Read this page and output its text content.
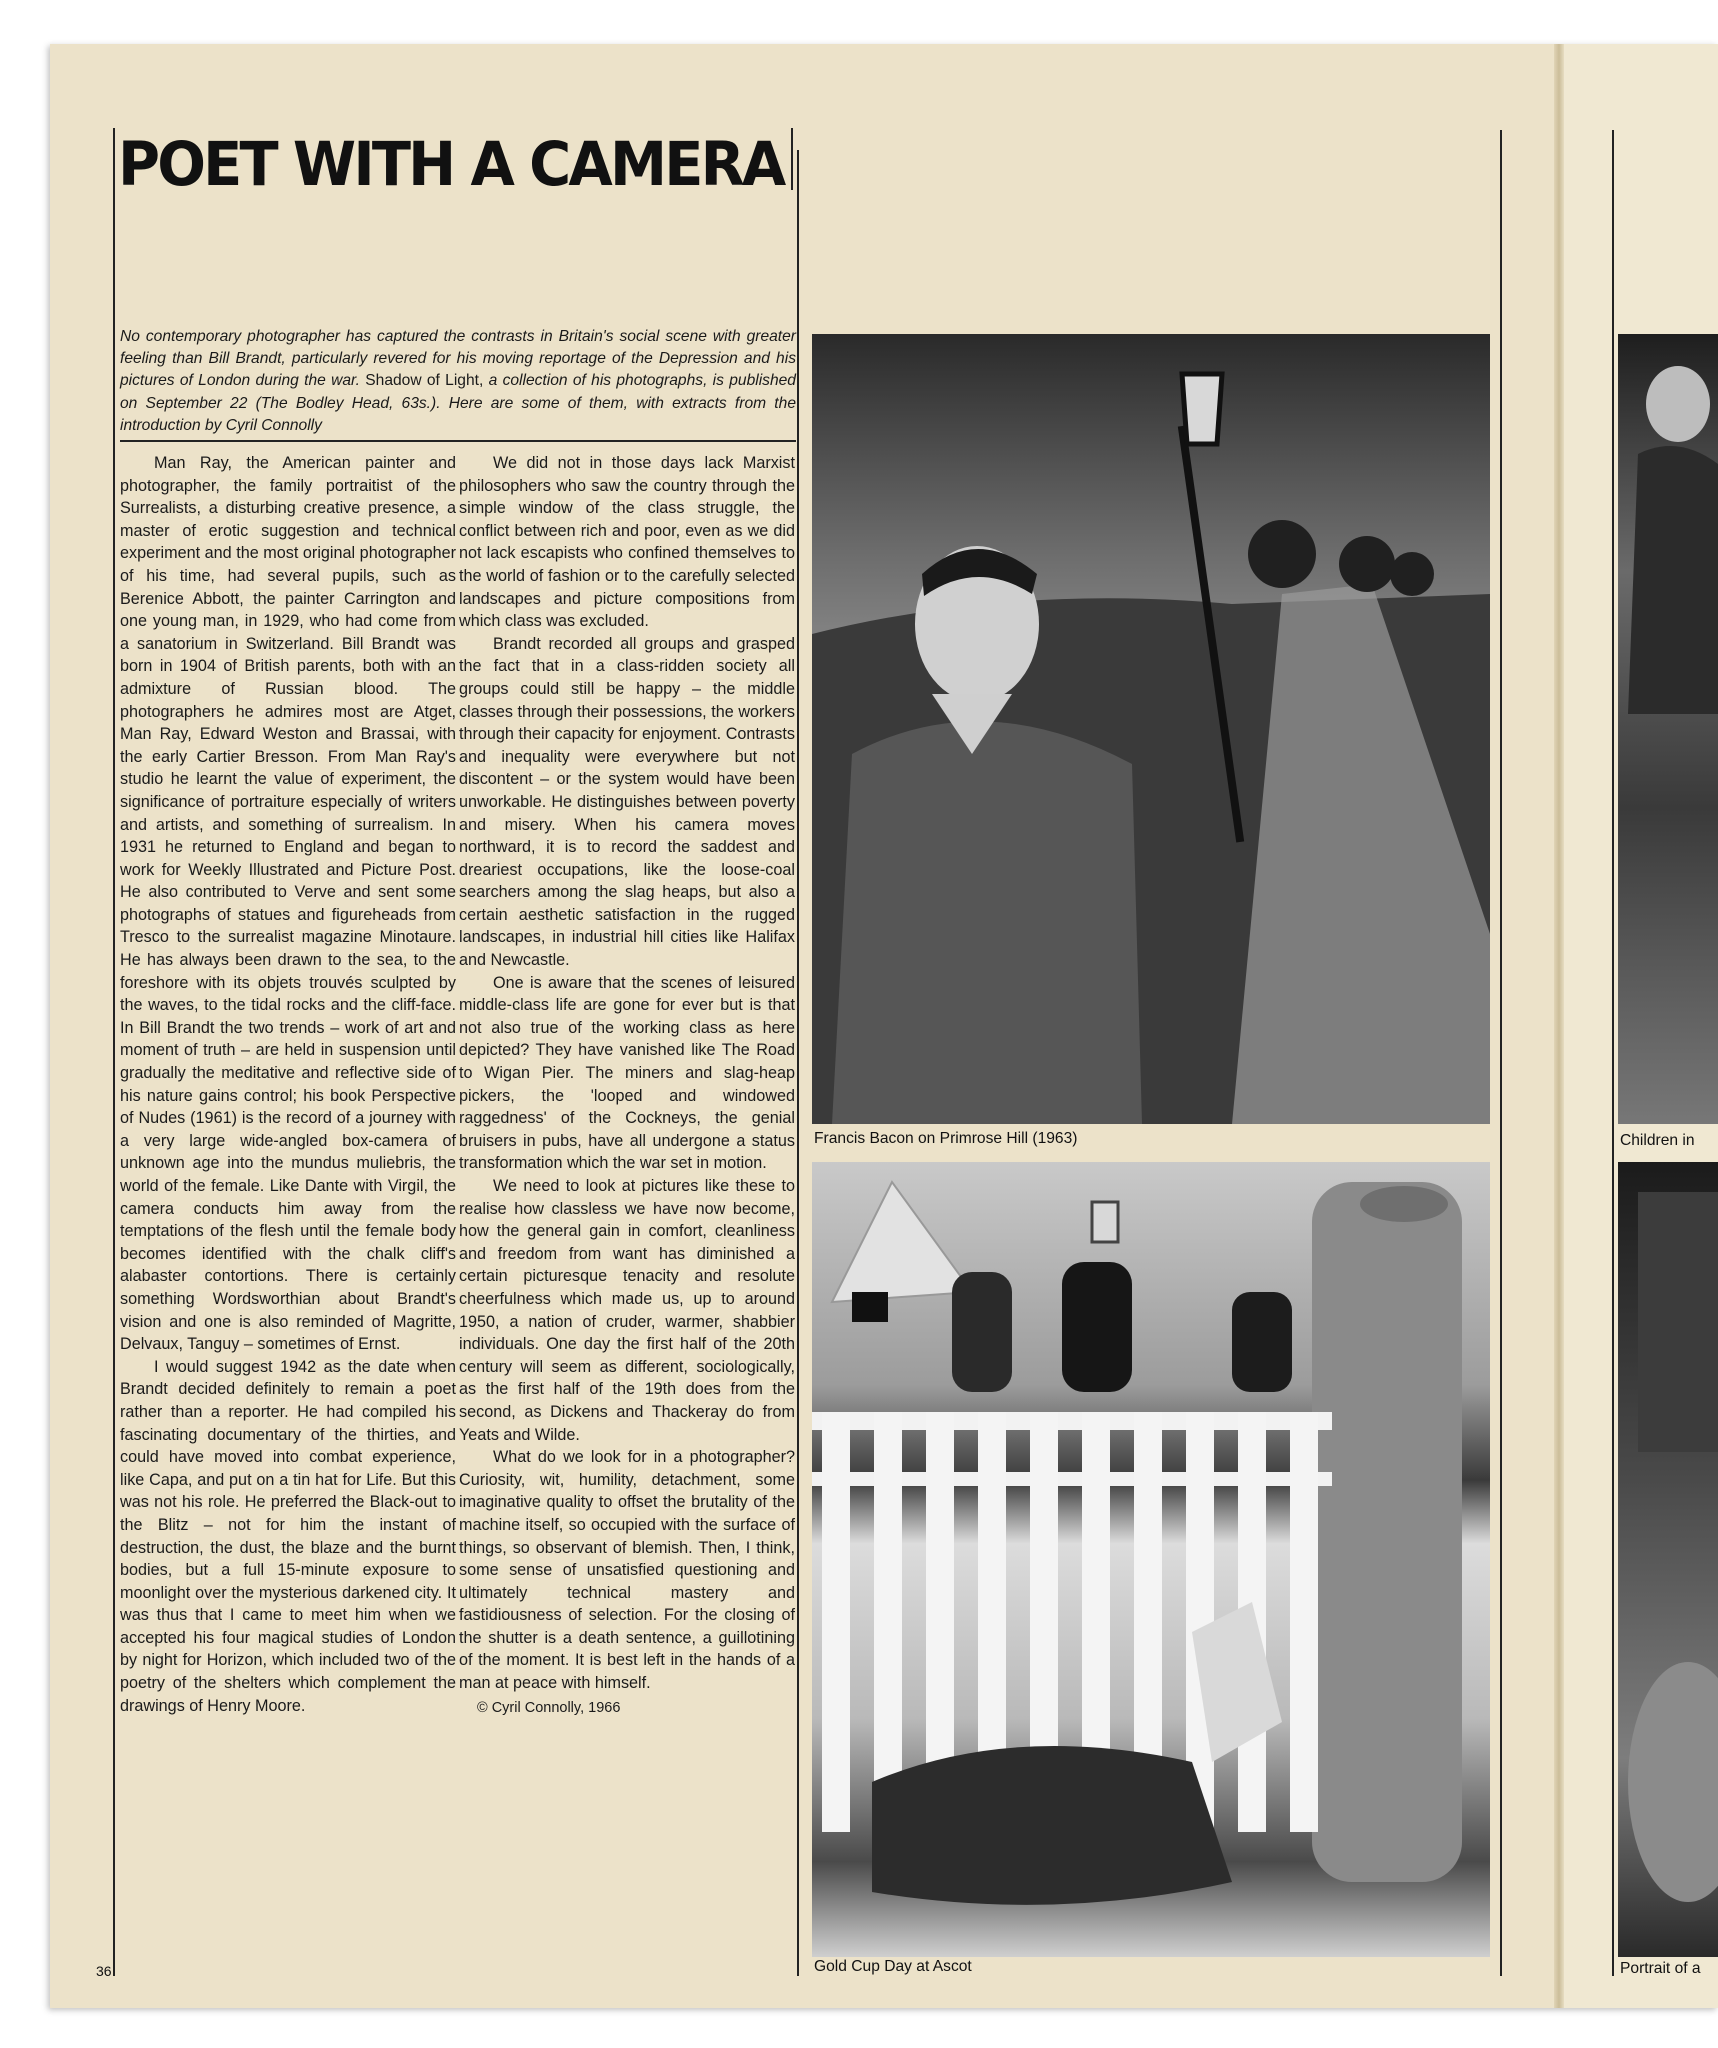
POET WITH A CAMERA
No contemporary photographer has captured the contrasts in Britain's social scene with greater feeling than Bill Brandt, particularly revered for his moving reportage of the Depression and his pictures of London during the war. Shadow of Light, a collection of his photographs, is published on September 22 (The Bodley Head, 63s.). Here are some of them, with extracts from the introduction by Cyril Connolly

Man Ray, the American painter and photographer, the family portraitist of the Surrealists, a disturbing creative presence, a master of erotic suggestion and technical experiment and the most original photographer of his time, had several pupils, such as Berenice Abbott, the painter Carrington and one young man, in 1929, who had come from a sanatorium in Switzerland. Bill Brandt was born in 1904 of British parents, both with an admixture of Russian blood. The photographers he admires most are Atget, Man Ray, Edward Weston and Brassai, with the early Cartier Bresson. From Man Ray's studio he learnt the value of experiment, the significance of portraiture especially of writers and artists, and something of surrealism. In 1931 he returned to England and began to work for Weekly Illustrated and Picture Post. He also contributed to Verve and sent some photographs of statues and figureheads from Tresco to the surrealist magazine Minotaure. He has always been drawn to the sea, to the foreshore with its objets trouvés sculpted by the waves, to the tidal rocks and the cliff-face. In Bill Brandt the two trends – work of art and moment of truth – are held in suspension until gradually the meditative and reflective side of his nature gains control; his book Perspective of Nudes (1961) is the record of a journey with a very large wide-angled box-camera of unknown age into the mundus muliebris, the world of the female. Like Dante with Virgil, the camera conducts him away from the temptations of the flesh until the female body becomes identified with the chalk cliff's alabaster contortions. There is certainly something Wordsworthian about Brandt's vision and one is also reminded of Magritte, Delvaux, Tanguy – sometimes of Ernst.

I would suggest 1942 as the date when Brandt decided definitely to remain a poet rather than a reporter. He had compiled his fascinating documentary of the thirties, and could have moved into combat experience, like Capa, and put on a tin hat for Life. But this was not his role. He preferred the Black-out to the Blitz – not for him the instant of destruction, the dust, the blaze and the burnt bodies, but a full 15-minute exposure to moonlight over the mysterious darkened city. It was thus that I came to meet him when we accepted his four magical studies of London by night for Horizon, which included two of the poetry of the shelters which complement the drawings of Henry Moore.

We did not in those days lack Marxist philosophers who saw the country through the simple window of the class struggle, the conflict between rich and poor, even as we did not lack escapists who confined themselves to the world of fashion or to the carefully selected landscapes and picture compositions from which class was excluded.

Brandt recorded all groups and grasped the fact that in a class-ridden society all groups could still be happy – the middle classes through their possessions, the workers through their capacity for enjoyment. Contrasts and inequality were everywhere but not discontent – or the system would have been unworkable. He distinguishes between poverty and misery. When his camera moves northward, it is to record the saddest and dreariest occupations, like the loose-coal searchers among the slag heaps, but also a certain aesthetic satisfaction in the rugged landscapes, in industrial hill cities like Halifax and Newcastle.

One is aware that the scenes of leisured middle-class life are gone for ever but is that not also true of the working class as here depicted? They have vanished like The Road to Wigan Pier. The miners and slag-heap pickers, the 'looped and windowed raggedness' of the Cockneys, the genial bruisers in pubs, have all undergone a status transformation which the war set in motion.

We need to look at pictures like these to realise how classless we have now become, how the general gain in comfort, cleanliness and freedom from want has diminished a certain picturesque tenacity and resolute cheerfulness which made us, up to around 1950, a nation of cruder, warmer, shabbier individuals. One day the first half of the 20th century will seem as different, sociologically, as the first half of the 19th does from the second, as Dickens and Thackeray do from Yeats and Wilde.

What do we look for in a photographer? Curiosity, wit, humility, detachment, some imaginative quality to offset the brutality of the machine itself, so occupied with the surface of things, so observant of blemish. Then, I think, some sense of unsatisfied questioning and ultimately technical mastery and fastidiousness of selection. For the closing of the shutter is a death sentence, a guillotining of the moment. It is best left in the hands of a man at peace with himself.

© Cyril Connolly, 1966
36
Francis Bacon on Primrose Hill (1963)
Gold Cup Day at Ascot
Children in
Portrait of a
